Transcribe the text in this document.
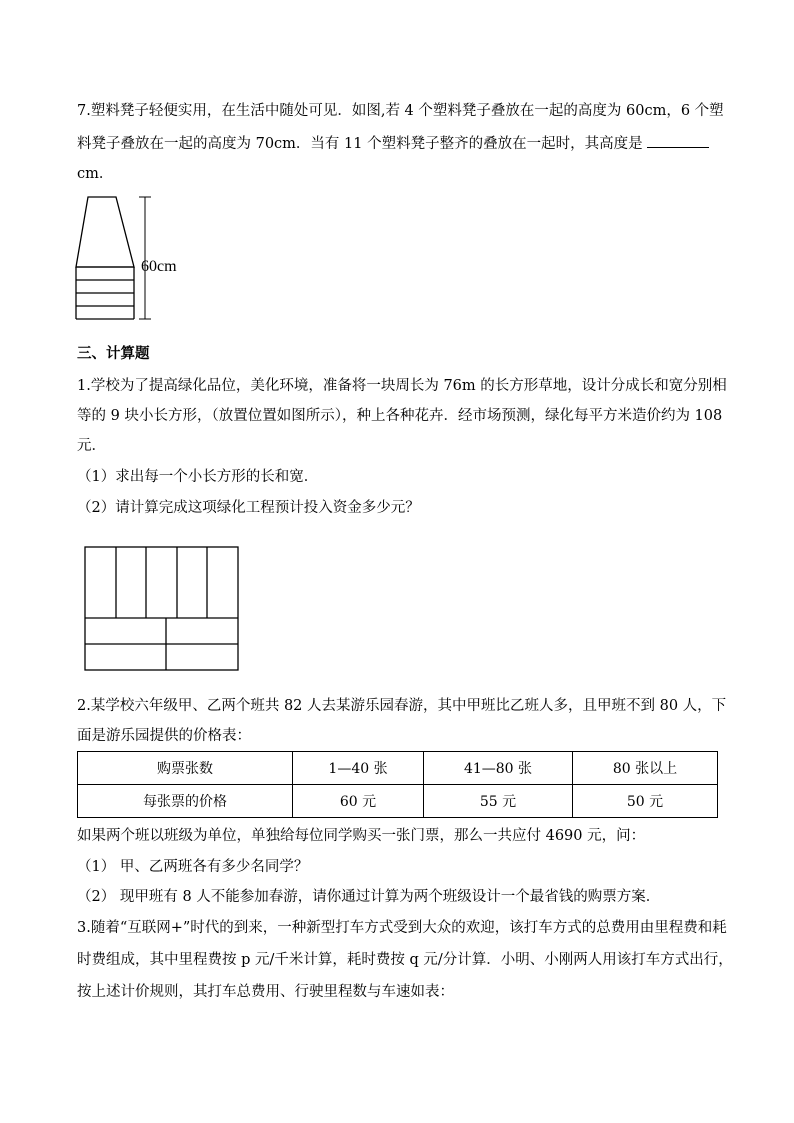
7.塑料凳子轻便实用，在生活中随处可见．如图,若 4 个塑料凳子叠放在一起的高度为 60cm，6 个塑
料凳子叠放在一起的高度为 70cm．当有 11 个塑料凳子整齐的叠放在一起时，其高度是
cm．
60cm
三、计算题
1.学校为了提高绿化品位，美化环境，准备将一块周长为 76m 的长方形草地，设计分成长和宽分别相
等的 9 块小长方形，（放置位置如图所示），种上各种花卉．经市场预测，绿化每平方米造价约为 108
元．
（1）求出每一个小长方形的长和宽．
（2）请计算完成这项绿化工程预计投入资金多少元？
2.某学校六年级甲、乙两个班共 82 人去某游乐园春游，其中甲班比乙班人多，且甲班不到 80 人，下
面是游乐园提供的价格表：
购票张数	1—40 张	41—80 张	80 张以上
每张票的价格	60 元	55 元	50 元
如果两个班以班级为单位，单独给每位同学购买一张门票，那么一共应付 4690 元，问：
（1） 甲、乙两班各有多少名同学？
（2） 现甲班有 8 人不能参加春游，请你通过计算为两个班级设计一个最省钱的购票方案．
3.随着“互联网+”时代的到来，一种新型打车方式受到大众的欢迎，该打车方式的总费用由里程费和耗
时费组成，其中里程费按 p 元/千米计算，耗时费按 q 元/分计算．小明、小刚两人用该打车方式出行，
按上述计价规则，其打车总费用、行驶里程数与车速如表：
